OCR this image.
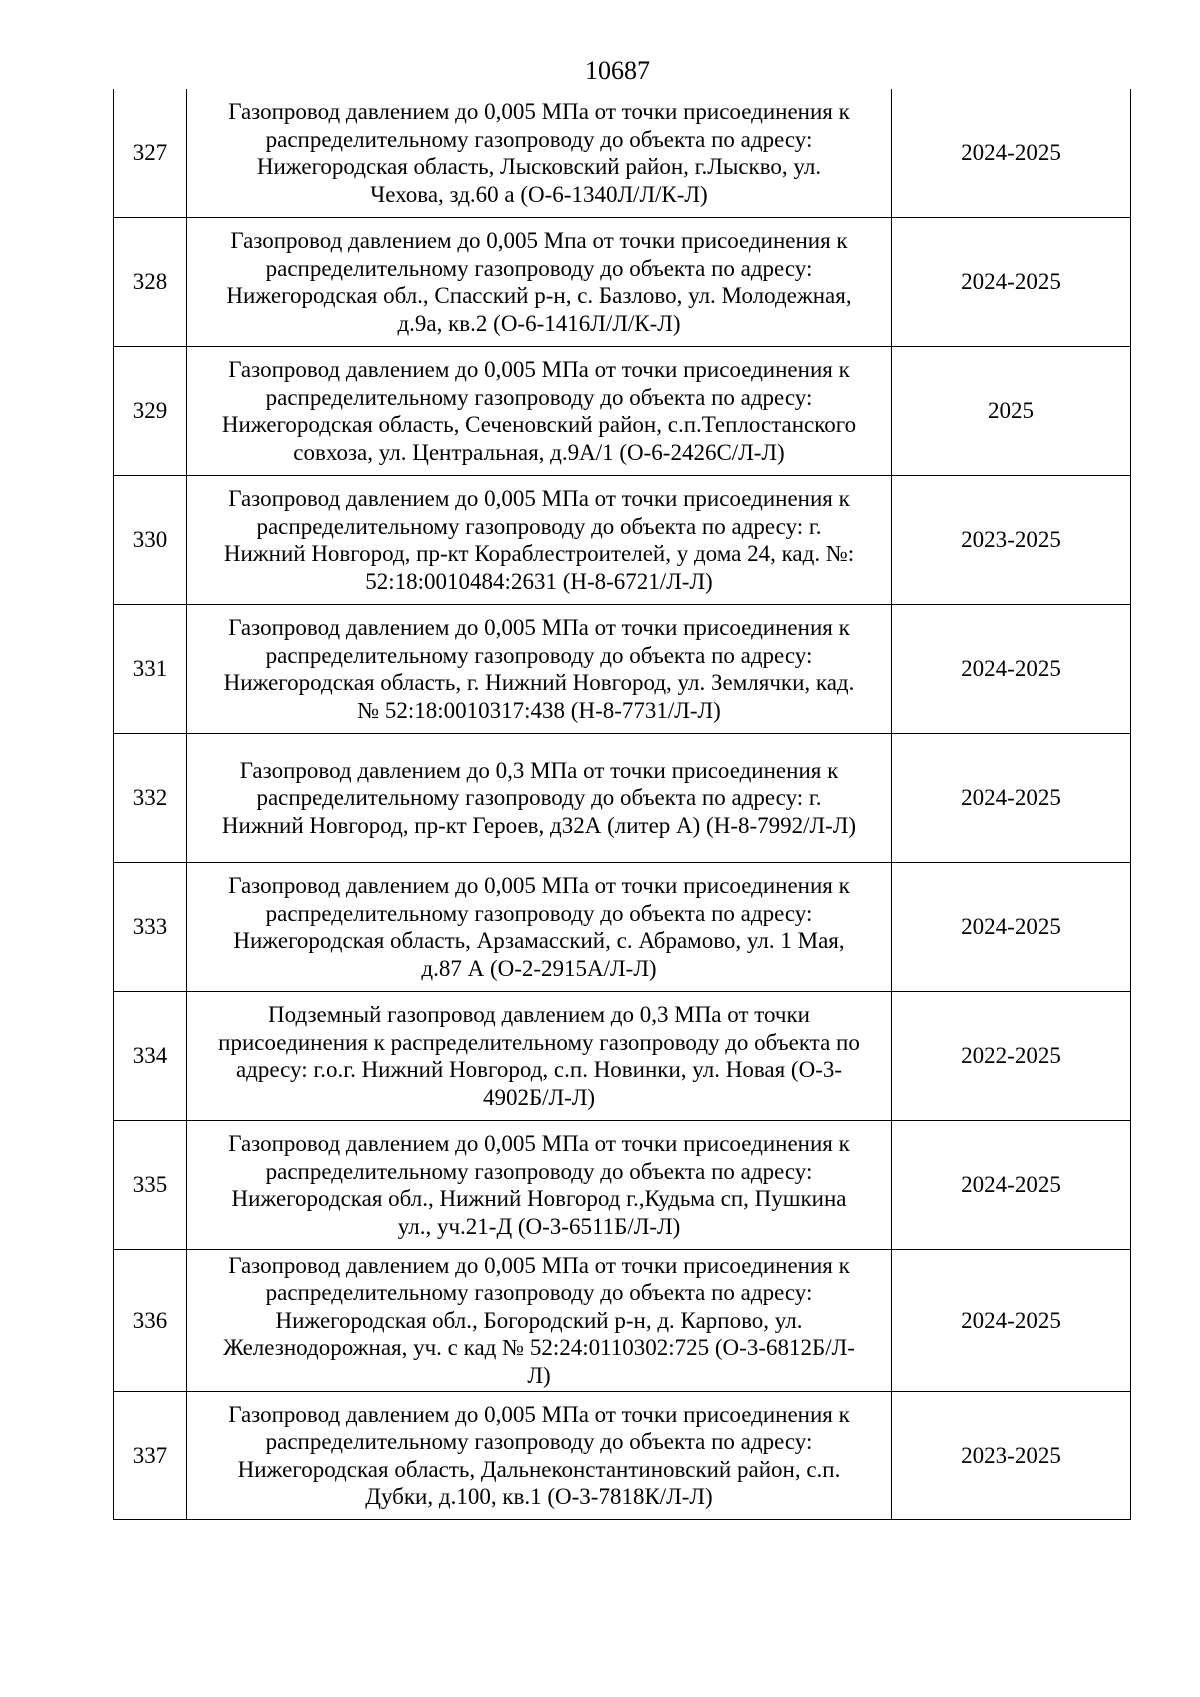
10687
327
Газопровод давлением до 0,005 МПа от точки присоединения к
распределительному газопроводу до объекта по адресу:
Нижегородская область, Лысковский район, г.Лыскво, ул.
Чехова, зд.60 а (О-6-1340Л/Л/К-Л)
2024-2025
328
Газопровод давлением до 0,005 Мпа от точки присоединения к
распределительному газопроводу до объекта по адресу:
Нижегородская обл., Спасский р-н, с. Базлово, ул. Молодежная,
д.9а, кв.2 (О-6-1416Л/Л/К-Л)
2024-2025
329
Газопровод давлением до 0,005 МПа от точки присоединения к
распределительному газопроводу до объекта по адресу:
Нижегородская область, Сеченовский район, с.п.Теплостанского
совхоза, ул. Центральная, д.9А/1 (О-6-2426С/Л-Л)
2025
330
Газопровод давлением до 0,005 МПа от точки присоединения к
распределительному газопроводу до объекта по адресу: г.
Нижний Новгород, пр-кт Кораблестроителей, у дома 24, кад. №:
52:18:0010484:2631 (Н-8-6721/Л-Л)
2023-2025
331
Газопровод давлением до 0,005 МПа от точки присоединения к
распределительному газопроводу до объекта по адресу:
Нижегородская область, г. Нижний Новгород, ул. Землячки, кад.
№ 52:18:0010317:438 (Н-8-7731/Л-Л)
2024-2025
332
Газопровод давлением до 0,3 МПа от точки присоединения к
распределительному газопроводу до объекта по адресу: г.
Нижний Новгород, пр-кт Героев, д32А (литер А) (Н-8-7992/Л-Л)
2024-2025
333
Газопровод давлением до 0,005 МПа от точки присоединения к
распределительному газопроводу до объекта по адресу:
Нижегородская область, Арзамасский, с. Абрамово, ул. 1 Мая,
д.87 А (О-2-2915А/Л-Л)
2024-2025
334
Подземный газопровод давлением до 0,3 МПа от точки
присоединения к распределительному газопроводу до объекта по
адресу: г.о.г. Нижний Новгород, с.п. Новинки, ул. Новая (О-3-
4902Б/Л-Л)
2022-2025
335
Газопровод давлением до 0,005 МПа от точки присоединения к
распределительному газопроводу до объекта по адресу:
Нижегородская обл., Нижний Новгород г.,Кудьма сп, Пушкина
ул., уч.21-Д (О-3-6511Б/Л-Л)
2024-2025
336
Газопровод давлением до 0,005 МПа от точки присоединения к
распределительному газопроводу до объекта по адресу:
Нижегородская обл., Богородский р-н, д. Карпово, ул.
Железнодорожная, уч. с кад № 52:24:0110302:725 (О-3-6812Б/Л-
Л)
2024-2025
337
Газопровод давлением до 0,005 МПа от точки присоединения к
распределительному газопроводу до объекта по адресу:
Нижегородская область, Дальнеконстантиновский район, с.п.
Дубки, д.100, кв.1 (О-3-7818К/Л-Л)
2023-2025
